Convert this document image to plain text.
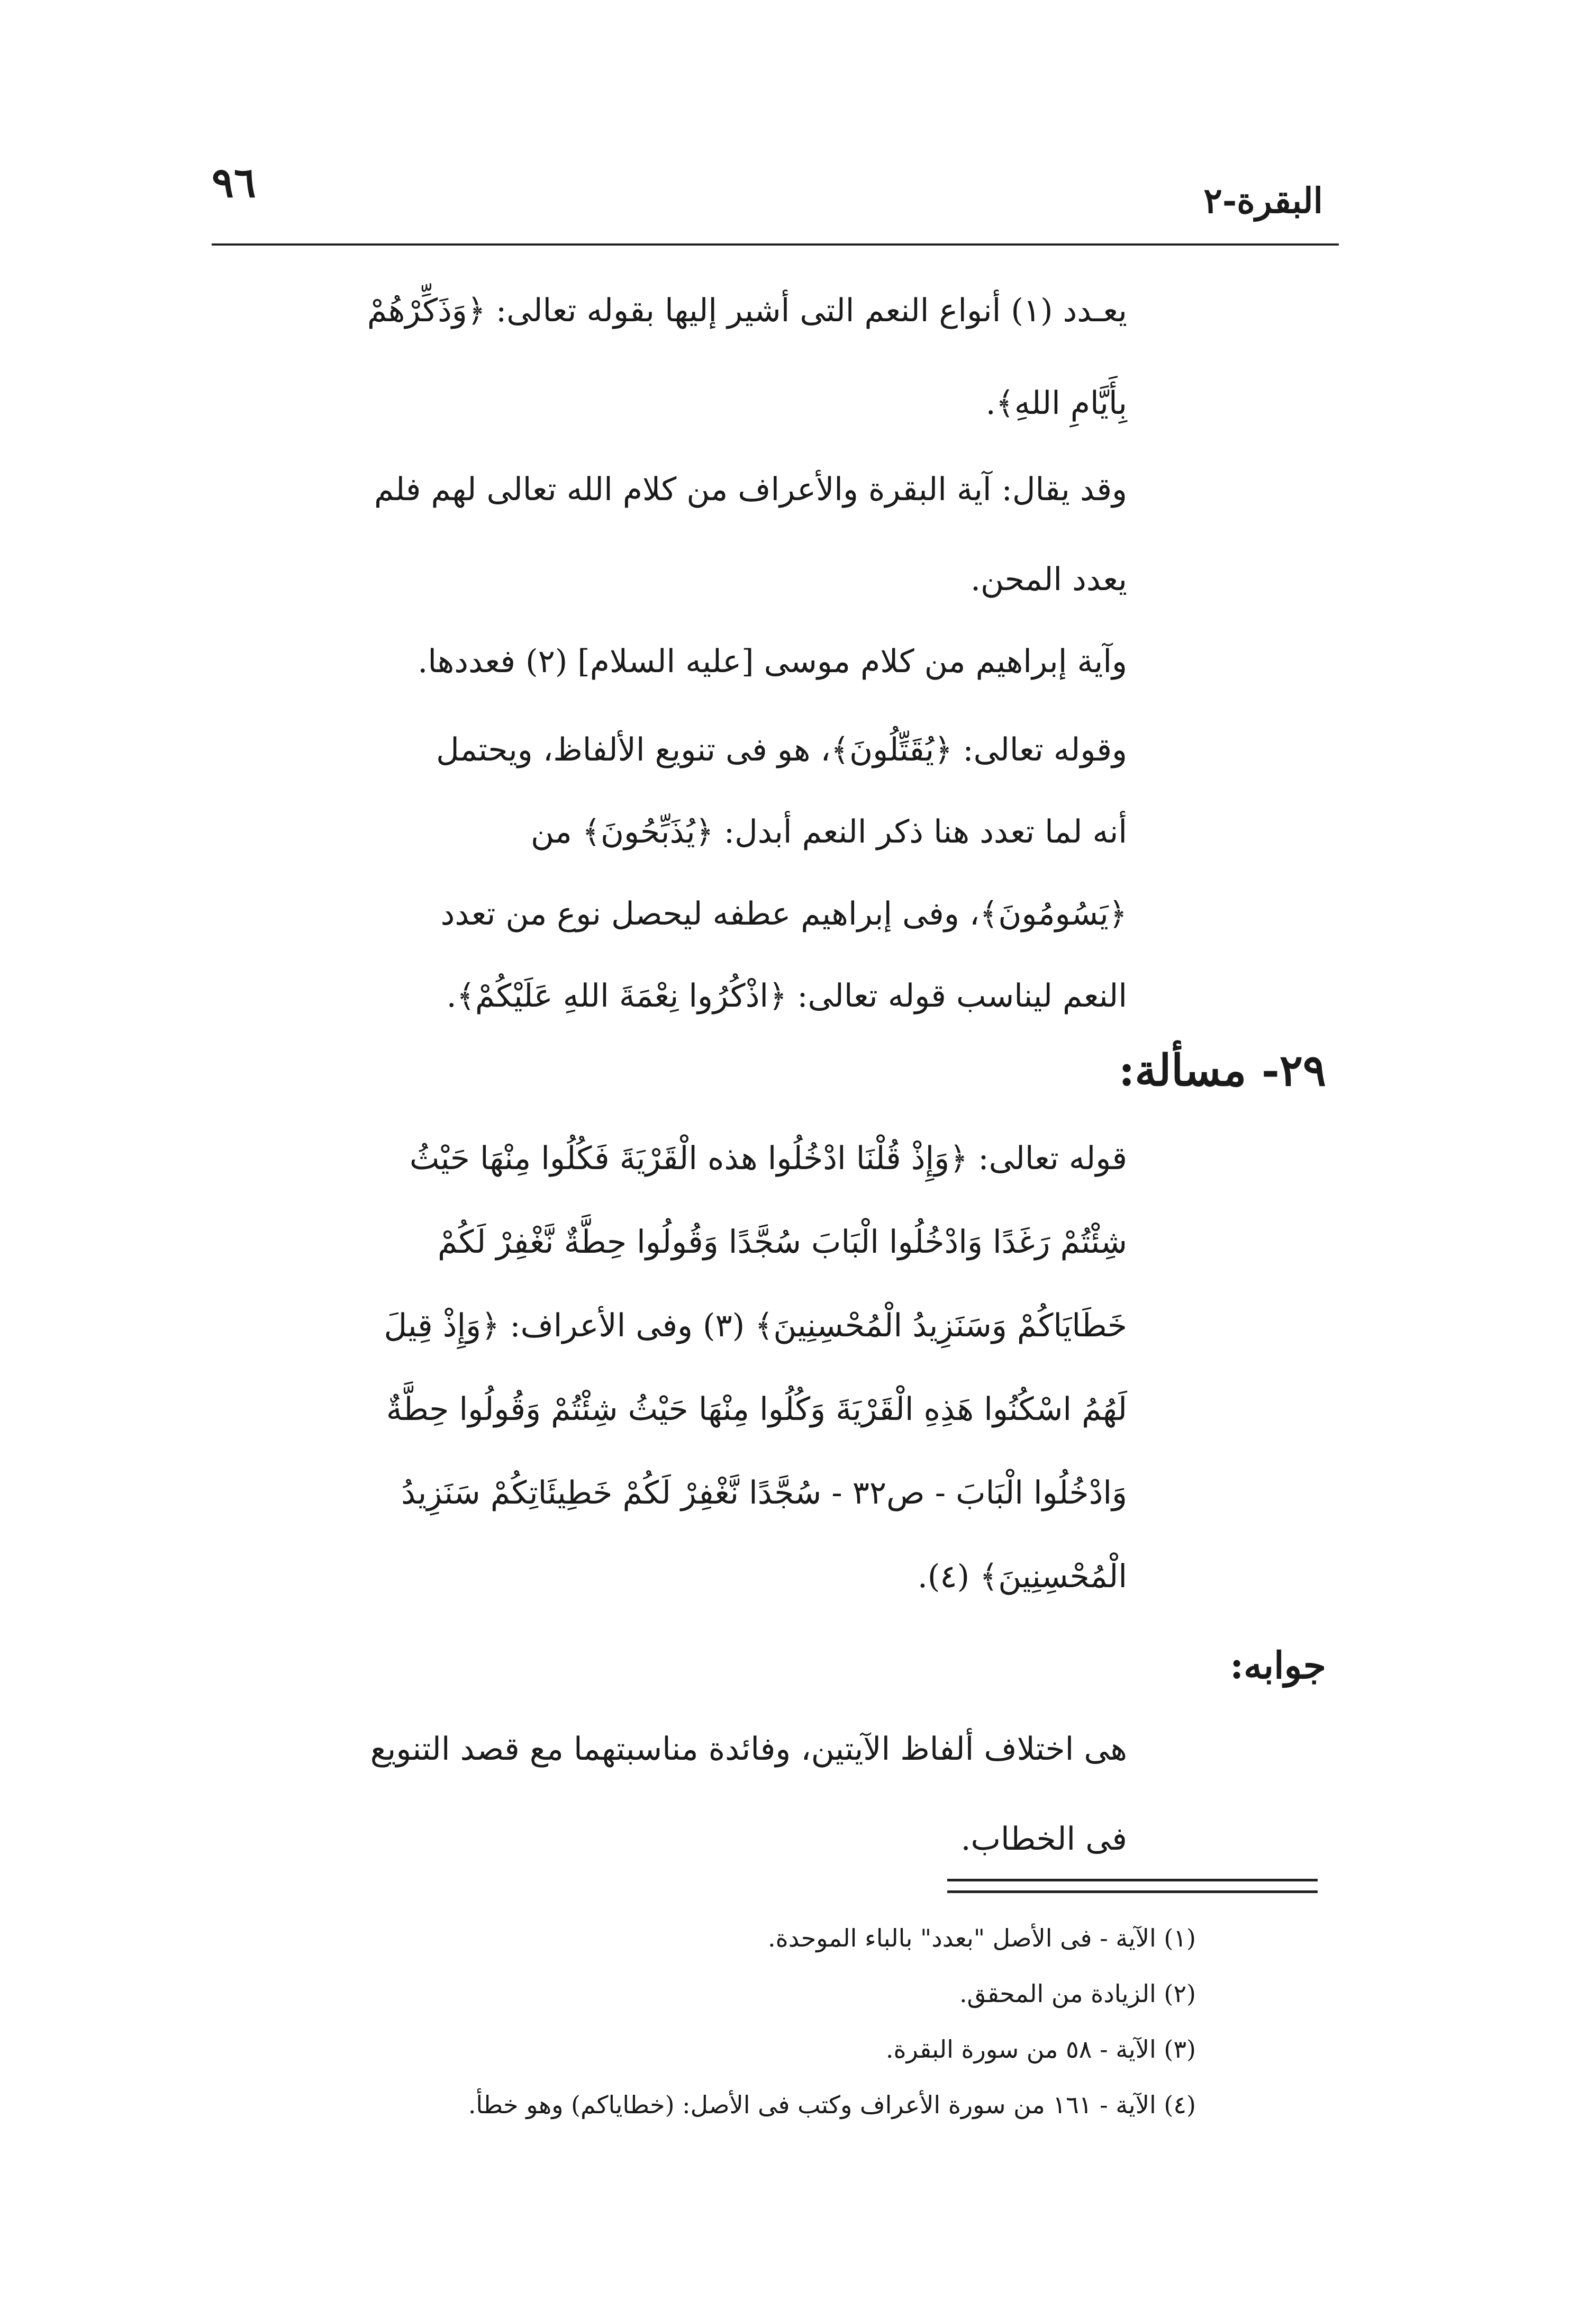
٩٦	البقرة-٢
يعـدد (١) أنواع النعم التى أشير إليها بقوله تعالى: ﴿وَذَكِّرْهُمْ
بِأَيَّامِ اللهِ﴾.
وقد يقال: آية البقرة والأعراف من كلام الله تعالى لهم فلم
يعدد المحن.
وآية إبراهيم من كلام موسى [عليه السلام] (٢) فعددها.
وقوله تعالى: ﴿يُقَتِّلُونَ﴾، هو فى تنويع الألفاظ، ويحتمل
أنه لما تعدد هنا ذكر النعم أبدل: ﴿يُذَبِّحُونَ﴾ من
﴿يَسُومُونَ﴾، وفى إبراهيم عطفه ليحصل نوع من تعدد
النعم ليناسب قوله تعالى: ﴿اذْكُرُوا نِعْمَةَ اللهِ عَلَيْكُمْ﴾.
٢٩- مسألة:
قوله تعالى: ﴿وَإِذْ قُلْنَا ادْخُلُوا هذه الْقَرْيَةَ فَكُلُوا مِنْهَا حَيْثُ
شِئْتُمْ رَغَدًا وَادْخُلُوا الْبَابَ سُجَّدًا وَقُولُوا حِطَّةٌ نَّغْفِرْ لَكُمْ
خَطَايَاكُمْ وَسَنَزِيدُ الْمُحْسِنِينَ﴾ (٣) وفى الأعراف: ﴿وَإِذْ قِيلَ
لَهُمُ اسْكُنُوا هَذِهِ الْقَرْيَةَ وَكُلُوا مِنْهَا حَيْثُ شِئْتُمْ وَقُولُوا حِطَّةٌ
وَادْخُلُوا الْبَابَ - ص٣٢ - سُجَّدًا نَّغْفِرْ لَكُمْ خَطِيئَاتِكُمْ سَنَزِيدُ
الْمُحْسِنِينَ﴾ (٤).
جوابه:
هى اختلاف ألفاظ الآيتين، وفائدة مناسبتهما مع قصد التنويع
فى الخطاب.
(١) الآية - فى الأصل "بعدد" بالباء الموحدة.
(٢) الزيادة من المحقق.
(٣) الآية - ٥٨ من سورة البقرة.
(٤) الآية - ١٦١ من سورة الأعراف وكتب فى الأصل: (خطاياكم) وهو خطأ.
